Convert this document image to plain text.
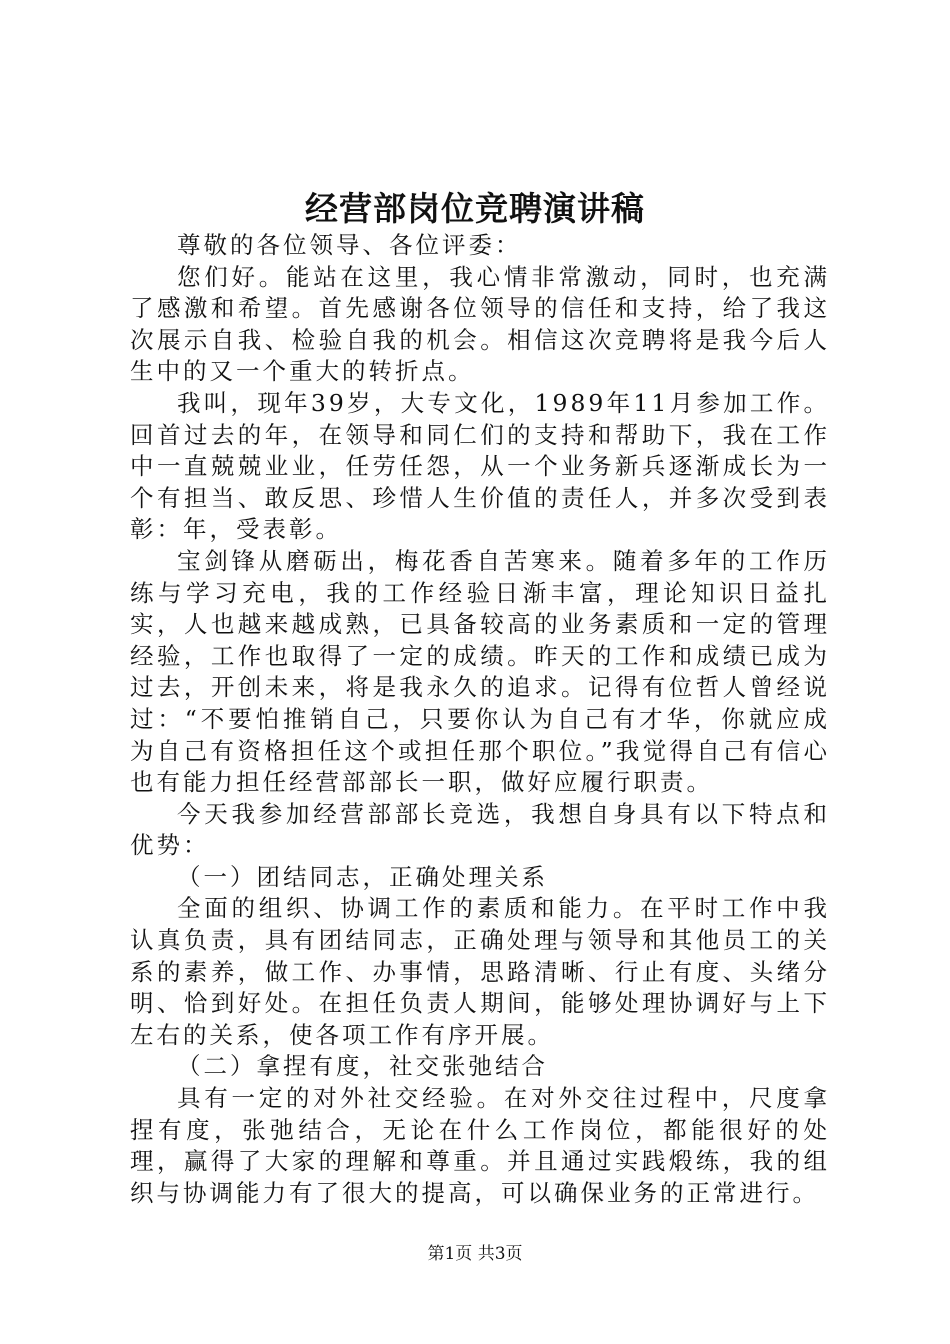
经营部岗位竞聘演讲稿

尊敬的各位领导、各位评委：

您们好。能站在这里，我心情非常激动，同时，也充满了感激和希望。首先感谢各位领导的信任和支持，给了我这次展示自我、检验自我的机会。相信这次竞聘将是我今后人生中的又一个重大的转折点。

我叫，现年39岁，大专文化，1989年11月参加工作。回首过去的年，在领导和同仁们的支持和帮助下，我在工作中一直兢兢业业，任劳任怨，从一个业务新兵逐渐成长为一个有担当、敢反思、珍惜人生价值的责任人，并多次受到表彰：年，受表彰。

宝剑锋从磨砺出，梅花香自苦寒来。随着多年的工作历练与学习充电，我的工作经验日渐丰富，理论知识日益扎实，人也越来越成熟，已具备较高的业务素质和一定的管理经验，工作也取得了一定的成绩。昨天的工作和成绩已成为过去，开创未来，将是我永久的追求。记得有位哲人曾经说过：“不要怕推销自己，只要你认为自己有才华，你就应成为自己有资格担任这个或担任那个职位。”我觉得自己有信心也有能力担任经营部部长一职，做好应履行职责。

今天我参加经营部部长竞选，我想自身具有以下特点和优势：

（一）团结同志，正确处理关系

全面的组织、协调工作的素质和能力。在平时工作中我认真负责，具有团结同志，正确处理与领导和其他员工的关系的素养，做工作、办事情，思路清晰、行止有度、头绪分明、恰到好处。在担任负责人期间，能够处理协调好与上下左右的关系，使各项工作有序开展。

（二）拿捏有度，社交张弛结合

具有一定的对外社交经验。在对外交往过程中，尺度拿捏有度，张弛结合，无论在什么工作岗位，都能很好的处理，赢得了大家的理解和尊重。并且通过实践煅练，我的组织与协调能力有了很大的提高，可以确保业务的正常进行。

第1页 共3页
